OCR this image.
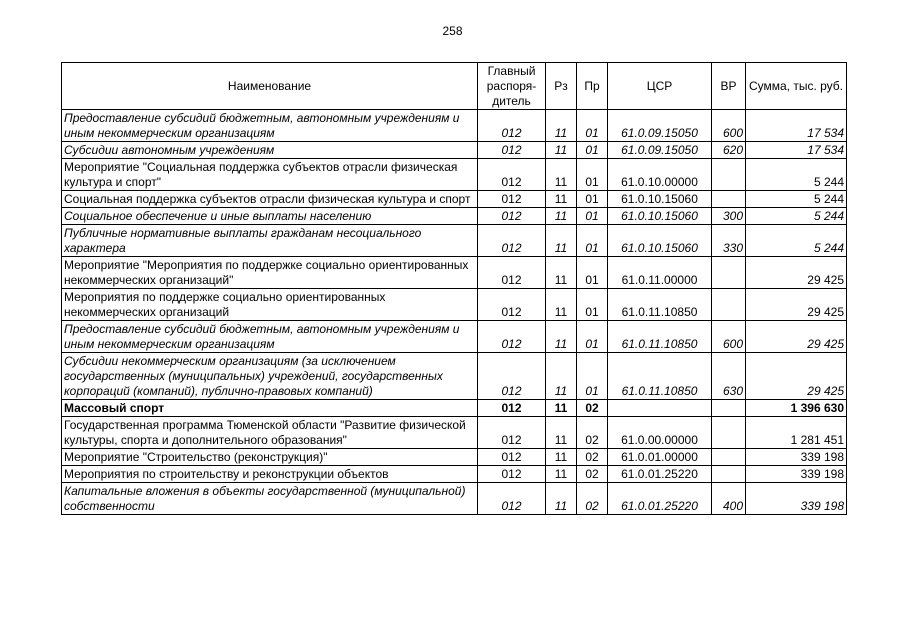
258
Наименование	Главный распоря-дитель	Рз	Пр	ЦСР	ВР	Сумма, тыс. руб.
Предоставление субсидий бюджетным, автономным учреждениям и иным некоммерческим организациям	012	11	01	61.0.09.15050	600	17 534
Субсидии автономным учреждениям	012	11	01	61.0.09.15050	620	17 534
Мероприятие "Социальная поддержка субъектов отрасли физическая культура и спорт"	012	11	01	61.0.10.00000		5 244
Социальная поддержка субъектов отрасли физическая культура и спорт	012	11	01	61.0.10.15060		5 244
Социальное обеспечение и иные выплаты населению	012	11	01	61.0.10.15060	300	5 244
Публичные нормативные выплаты гражданам несоциального характера	012	11	01	61.0.10.15060	330	5 244
Мероприятие "Мероприятия по поддержке социально ориентированных некоммерческих организаций"	012	11	01	61.0.11.00000		29 425
Мероприятия по поддержке социально ориентированных некоммерческих организаций	012	11	01	61.0.11.10850		29 425
Предоставление субсидий бюджетным, автономным учреждениям и иным некоммерческим организациям	012	11	01	61.0.11.10850	600	29 425
Субсидии некоммерческим организациям (за исключением государственных (муниципальных) учреждений, государственных корпораций (компаний), публично-правовых компаний)	012	11	01	61.0.11.10850	630	29 425
Массовый спорт	012	11	02			1 396 630
Государственная программа Тюменской области "Развитие физической культуры, спорта и дополнительного образования"	012	11	02	61.0.00.00000		1 281 451
Мероприятие "Строительство (реконструкция)"	012	11	02	61.0.01.00000		339 198
Мероприятия по строительству и реконструкции объектов	012	11	02	61.0.01.25220		339 198
Капитальные вложения в объекты государственной (муниципальной) собственности	012	11	02	61.0.01.25220	400	339 198
